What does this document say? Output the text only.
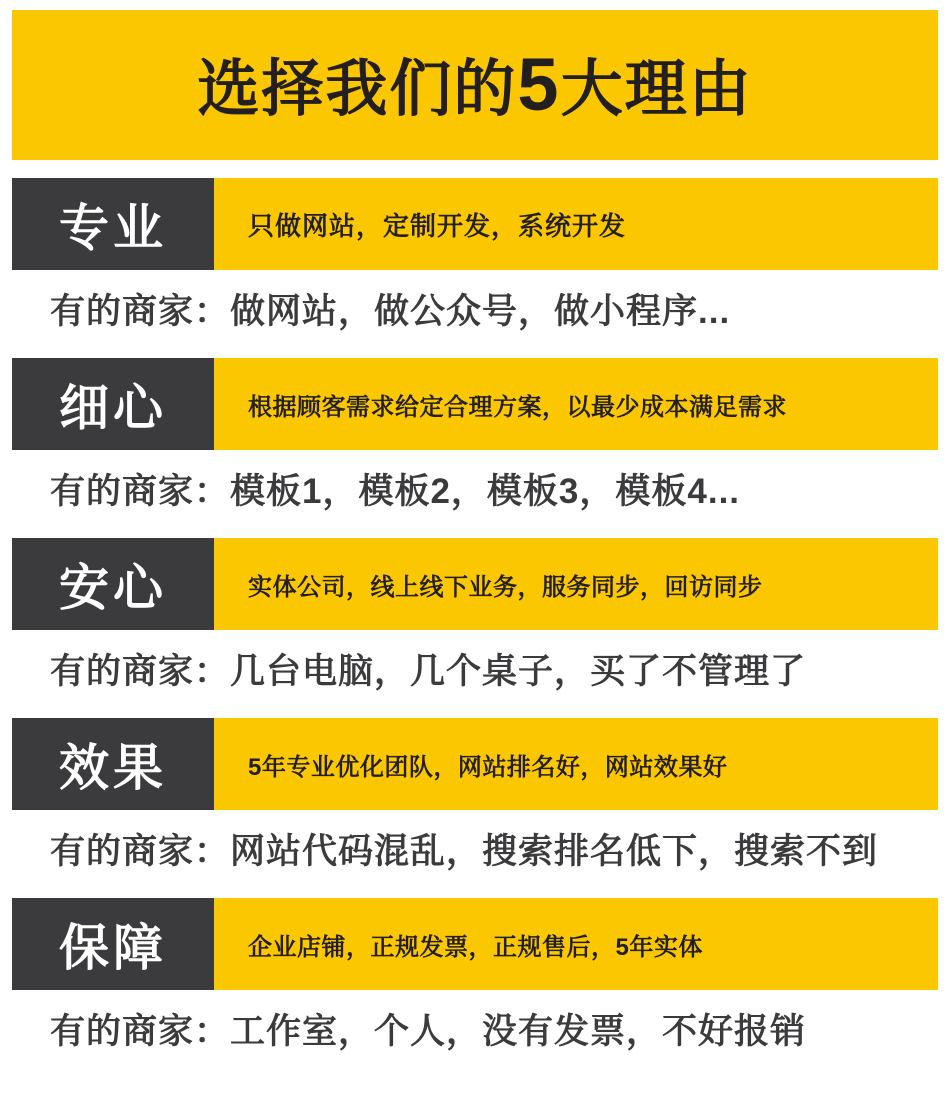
选择我们的5大理由
专业	只做网站，定制开发，系统开发
有的商家：做网站，做公众号，做小程序...
细心	根据顾客需求给定合理方案，以最少成本满足需求
有的商家：模板1，模板2，模板3，模板4...
安心	实体公司，线上线下业务，服务同步，回访同步
有的商家：几台电脑，几个桌子，买了不管理了
效果	5年专业优化团队，网站排名好，网站效果好
有的商家：网站代码混乱，搜索排名低下，搜索不到
保障	企业店铺，正规发票，正规售后，5年实体
有的商家：工作室，个人，没有发票，不好报销
